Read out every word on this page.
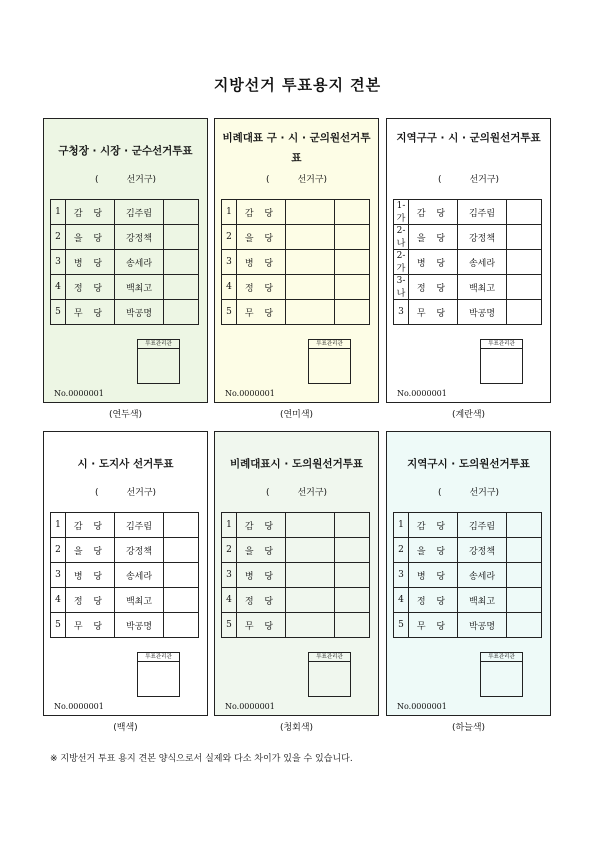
지방선거 투표용지 견본
구청장 · 시장 · 군수선거투표
(	선거구)
1	감 당	김주림	
2	을 당	강정책	
3	병 당	송세라	
4	정 당	백최고	
5	무 당	박공명	
투표관리관
No.0000001
(연두색)
비례대표 구 · 시 · 군의원선거투표
(	선거구)
1	감 당		
2	을 당		
3	병 당		
4	정 당		
5	무 당		
투표관리관
No.0000001
(연미색)
지역구구 · 시 · 군의원선거투표
(	선거구)
1-가	감 당	김주림	
2-나	을 당	강정책	
2-가	병 당	송세라	
3-나	정 당	백최고	
3	무 당	박공명	
투표관리관
No.0000001
(계란색)
시 · 도지사 선거투표
(	선거구)
1	감 당	김주림	
2	을 당	강정책	
3	병 당	송세라	
4	정 당	백최고	
5	무 당	박공명	
투표관리관
No.0000001
(백색)
비례대표시 · 도의원선거투표
(	선거구)
1	감 당		
2	을 당		
3	병 당		
4	정 당		
5	무 당		
투표관리관
No.0000001
(청회색)
지역구시 · 도의원선거투표
(	선거구)
1	감 당	김주림	
2	을 당	강정책	
3	병 당	송세라	
4	정 당	백최고	
5	무 당	박공명	
투표관리관
No.0000001
(하늘색)
※ 지방선거 투표 용지 견본 양식으로서 실제와 다소 차이가 있을 수 있습니다.
